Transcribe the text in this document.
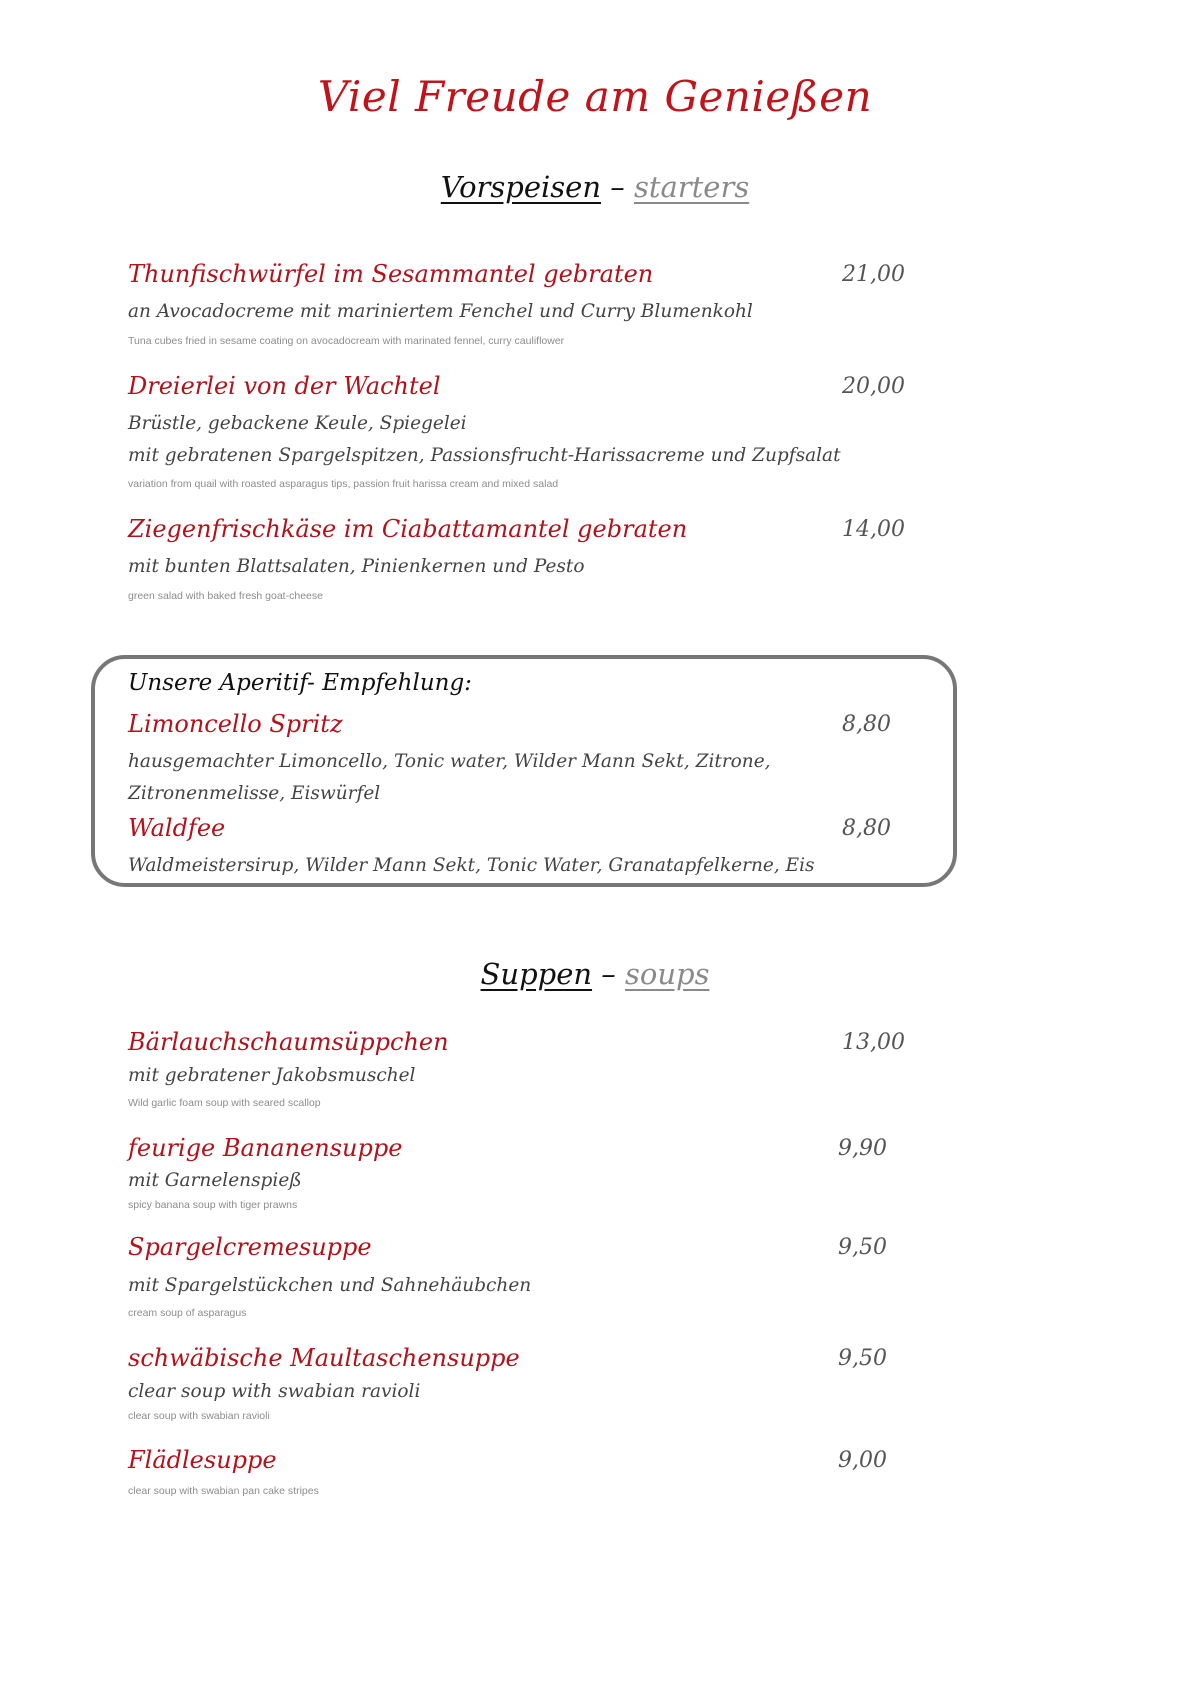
Viel Freude am Genießen
Vorspeisen – starters
Thunfischwürfel im Sesammantel gebraten	21,00
an Avocadocreme mit mariniertem Fenchel und Curry Blumenkohl
Tuna cubes fried in sesame coating on avocadocream with marinated fennel, curry cauliflower
Dreierlei von der Wachtel	20,00
Brüstle, gebackene Keule, Spiegelei
mit gebratenen Spargelspitzen, Passionsfrucht-Harissacreme und Zupfsalat
variation from quail with roasted asparagus tips, passion fruit harissa cream and mixed salad
Ziegenfrischkäse im Ciabattamantel gebraten	14,00
mit bunten Blattsalaten, Pinienkernen und Pesto
green salad with baked fresh goat-cheese
Unsere Aperitif- Empfehlung:
Limoncello Spritz	8,80
hausgemachter Limoncello, Tonic water, Wilder Mann Sekt, Zitrone,
Zitronenmelisse, Eiswürfel
Waldfee	8,80
Waldmeistersirup, Wilder Mann Sekt, Tonic Water, Granatapfelkerne, Eis
Suppen – soups
Bärlauchschaumsüppchen	13,00
mit gebratener Jakobsmuschel
Wild garlic foam soup with seared scallop
feurige Bananensuppe	9,90
mit Garnelenspieß
spicy banana soup with tiger prawns
Spargelcremesuppe	9,50
mit Spargelstückchen und Sahnehäubchen
cream soup of asparagus
schwäbische Maultaschensuppe	9,50
clear soup with swabian ravioli
clear soup with swabian ravioli
Flädlesuppe	9,00
clear soup with swabian pan cake stripes
